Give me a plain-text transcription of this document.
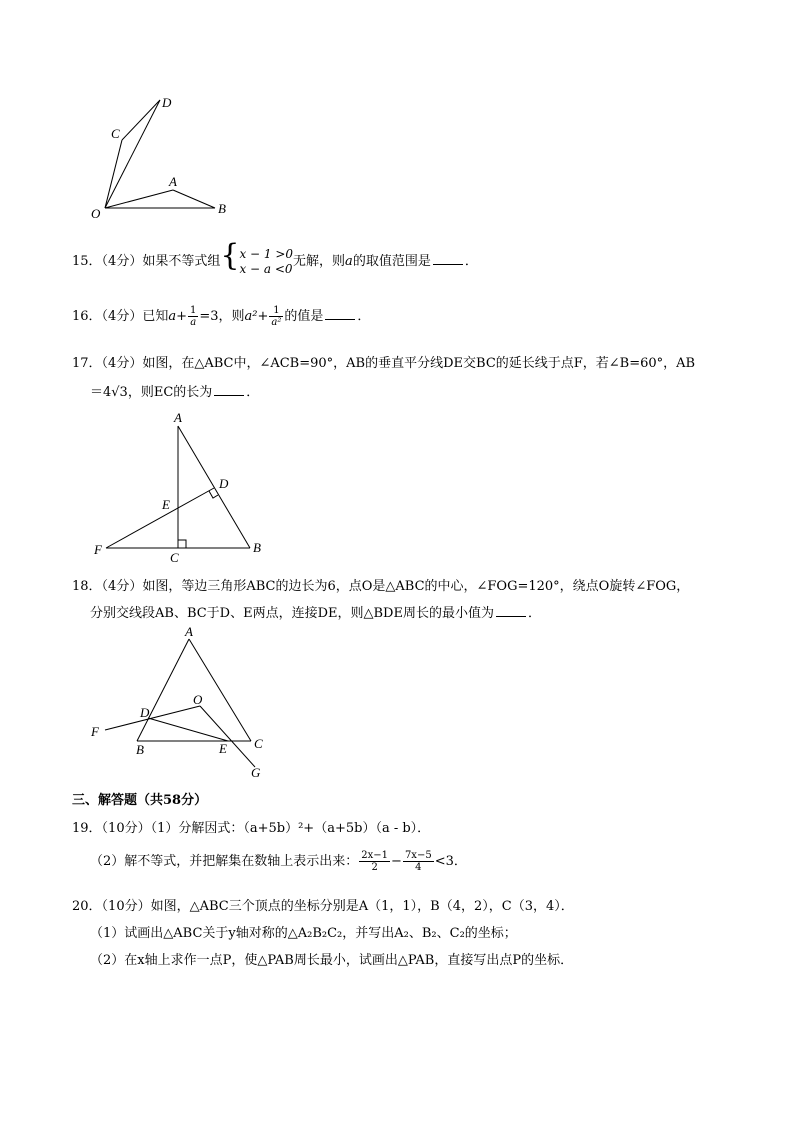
D
C
A
O	B
15．（4分）如果不等式组{ x − 1 >0
x − a <0 无解，则a的取值范围是	．
16．（4分）已知$a+ \frac{1}{a} =3$，则$a^2+ \frac{1}{\text{a²}}$ 的值是	．
17．（4分）如图，在△ABC中，∠ACB=90°，AB的垂直平分线DE交BC的延长线于点F，若∠B=60°，AB
＝4√3，则EC的长为	．
A
D
E
F
C
B
18．（4分）如图，等边三角形ABC的边长为6，点O是△ABC的中心，∠FOG=120°，绕点O旋转∠FOG，
分别交线段AB、BC于D、E两点，连接DE，则△BDE周长的最小值为	．
A
O
F
D
B	E C
G
三、解答题（共58分）
19．（10分）（1）分解因式：（a+5b）²+（a+5b）（a - b）．
（2）解不等式，并把解集在数轴上表示出来： $\frac{2x-1}{2} - \frac{7x-5}{4} <3$．
20．（10分）如图，△ABC三个顶点的坐标分别是A（1，1），B（4，2），C（3，4）．
（1）试画出△ABC关于y轴对称的△A₂B₂C₂，并写出A₂、B₂、C₂的坐标；
（2）在x轴上求作一点P，使△PAB周长最小，试画出△PAB，直接写出点P的坐标．
